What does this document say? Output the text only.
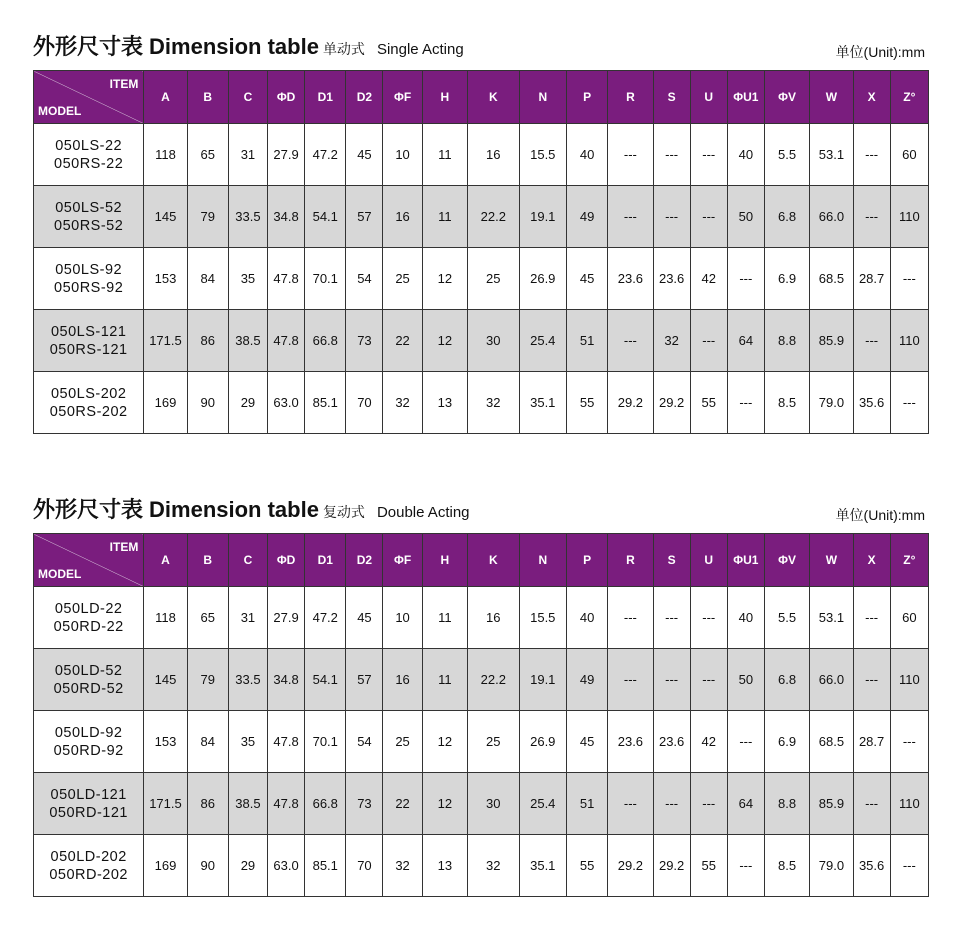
外形尺寸表 Dimension table 单动式 Single Acting	单位(Unit):mm
ITEM
MODEL	A	B	C	ΦD	D1	D2	ΦF	H	K	N	P	R	S	U	ΦU1	ΦV	W	X	Z°

050LS-22
050RS-22	118	65	31	27.9	47.2	45	10	11	16	15.5	40	---	---	---	40	5.5	53.1	---	60

050LS-52
050RS-52	145	79	33.5	34.8	54.1	57	16	11	22.2	19.1	49	---	---	---	50	6.8	66.0	---	110

050LS-92
050RS-92	153	84	35	47.8	70.1	54	25	12	25	26.9	45	23.6	23.6	42	---	6.9	68.5	28.7	---

050LS-121
050RS-121	171.5	86	38.5	47.8	66.8	73	22	12	30	25.4	51	---	32	---	64	8.8	85.9	---	110

050LS-202
050RS-202	169	90	29	63.0	85.1	70	32	13	32	35.1	55	29.2	29.2	55	---	8.5	79.0	35.6	---
外形尺寸表 Dimension table 复动式 Double Acting	单位(Unit):mm
ITEM
MODEL	A	B	C	ΦD	D1	D2	ΦF	H	K	N	P	R	S	U	ΦU1	ΦV	W	X	Z°

050LD-22
050RD-22	118	65	31	27.9	47.2	45	10	11	16	15.5	40	---	---	---	40	5.5	53.1	---	60

050LD-52
050RD-52	145	79	33.5	34.8	54.1	57	16	11	22.2	19.1	49	---	---	---	50	6.8	66.0	---	110

050LD-92
050RD-92	153	84	35	47.8	70.1	54	25	12	25	26.9	45	23.6	23.6	42	---	6.9	68.5	28.7	---

050LD-121
050RD-121	171.5	86	38.5	47.8	66.8	73	22	12	30	25.4	51	---	---	---	64	8.8	85.9	---	110

050LD-202
050RD-202	169	90	29	63.0	85.1	70	32	13	32	35.1	55	29.2	29.2	55	---	8.5	79.0	35.6	---
